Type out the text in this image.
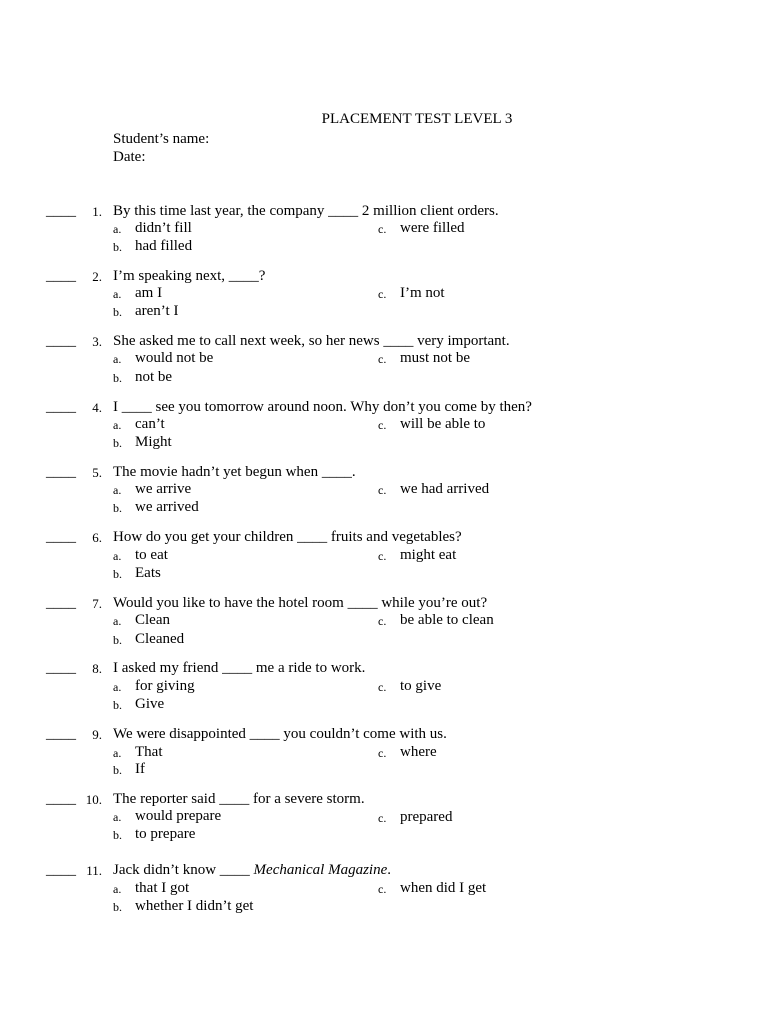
PLACEMENT TEST LEVEL 3
Student’s name:
Date:
____	1. By this time last year, the company ____ 2 million client orders.
a. didn’t fill
b. had filled
c. were filled
____	2. I’m speaking next, ____?
a. am I
b. aren’t I
c. I’m not
____	3. She asked me to call next week, so her news ____ very important.
a. would not be
b. not be
c. must not be
____	4. I ____ see you tomorrow around noon. Why don’t you come by then?
a. can’t
b. Might
c. will be able to
____	5. The movie hadn’t yet begun when ____.
a. we arrive
b. we arrived
c. we had arrived
____	6. How do you get your children ____ fruits and vegetables?
a. to eat
b. Eats
c. might eat
____	7. Would you like to have the hotel room ____ while you’re out?
a. Clean
b. Cleaned
c. be able to clean
____	8. I asked my friend ____ me a ride to work.
a. for giving
b. Give
c. to give
____	9. We were disappointed ____ you couldn’t come with us.
a. That
b. If
c. where
____ 10. The reporter said ____ for a severe storm.
a. would prepare
b. to prepare
c. prepared
____ 11. Jack didn’t know ____ Mechanical Magazine.
a. that I got
b. whether I didn’t get
c. when did I get
